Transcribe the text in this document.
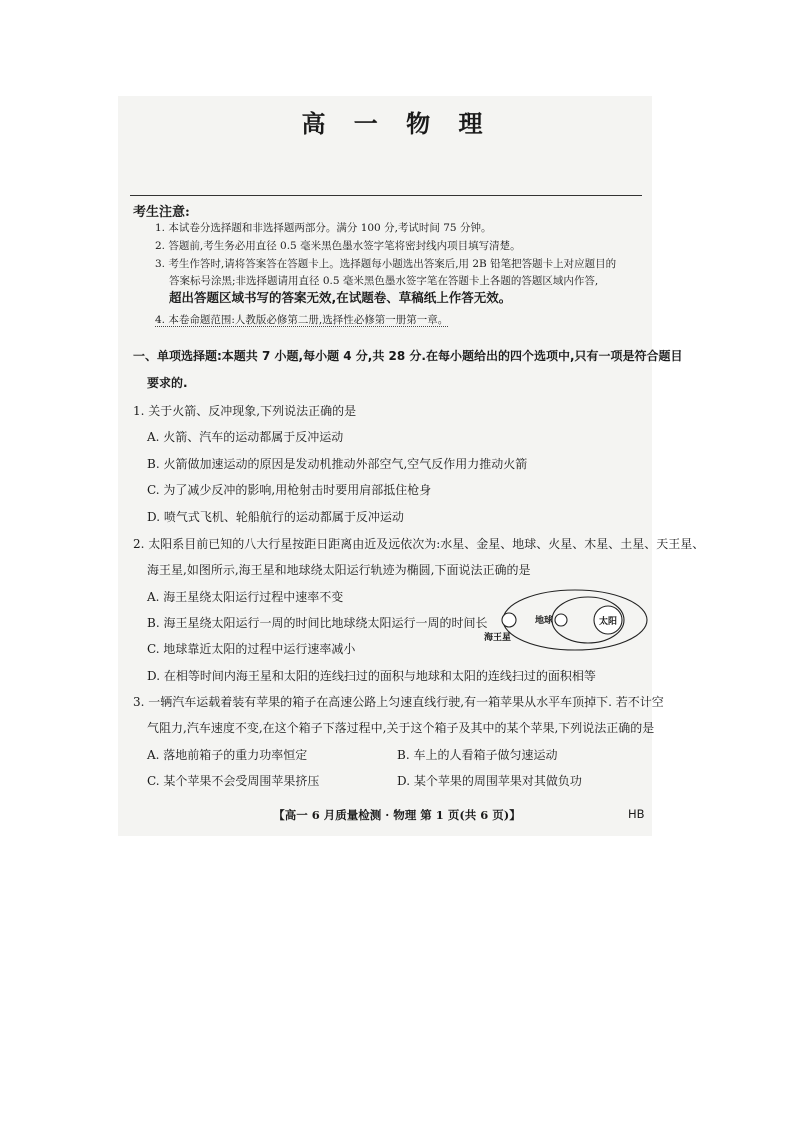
高 一 物 理
考生注意:
1. 本试卷分选择题和非选择题两部分。满分 100 分,考试时间 75 分钟。
2. 答题前,考生务必用直径 0.5 毫米黑色墨水签字笔将密封线内项目填写清楚。
3. 考生作答时,请将答案答在答题卡上。选择题每小题选出答案后,用 2B 铅笔把答题卡上对应题目的
答案标号涂黑;非选择题请用直径 0.5 毫米黑色墨水签字笔在答题卡上各题的答题区域内作答,
超出答题区域书写的答案无效,在试题卷、草稿纸上作答无效。
4. 本卷命题范围:人教版必修第二册,选择性必修第一册第一章。
一、单项选择题:本题共 7 小题,每小题 4 分,共 28 分.在每小题给出的四个选项中,只有一项是符合题目
要求的.
1. 关于火箭、反冲现象,下列说法正确的是
A. 火箭、汽车的运动都属于反冲运动
B. 火箭做加速运动的原因是发动机推动外部空气,空气反作用力推动火箭
C. 为了减少反冲的影响,用枪射击时要用肩部抵住枪身
D. 喷气式飞机、轮船航行的运动都属于反冲运动
2. 太阳系目前已知的八大行星按距日距离由近及远依次为:水星、金星、地球、火星、木星、土星、天王星、
海王星,如图所示,海王星和地球绕太阳运行轨迹为椭圆,下面说法正确的是
A. 海王星绕太阳运行过程中速率不变
B. 海王星绕太阳运行一周的时间比地球绕太阳运行一周的时间长
C. 地球靠近太阳的过程中运行速率减小
D. 在相等时间内海王星和太阳的连线扫过的面积与地球和太阳的连线扫过的面积相等
地球	太阳
海王星
3. 一辆汽车运载着装有苹果的箱子在高速公路上匀速直线行驶,有一箱苹果从水平车顶掉下. 若不计空
气阻力,汽车速度不变,在这个箱子下落过程中,关于这个箱子及其中的某个苹果,下列说法正确的是
A. 落地前箱子的重力功率恒定	B. 车上的人看箱子做匀速运动
C. 某个苹果不会受周围苹果挤压	D. 某个苹果的周围苹果对其做负功
【高一 6 月质量检测 · 物理 第 1 页(共 6 页)】	HB
